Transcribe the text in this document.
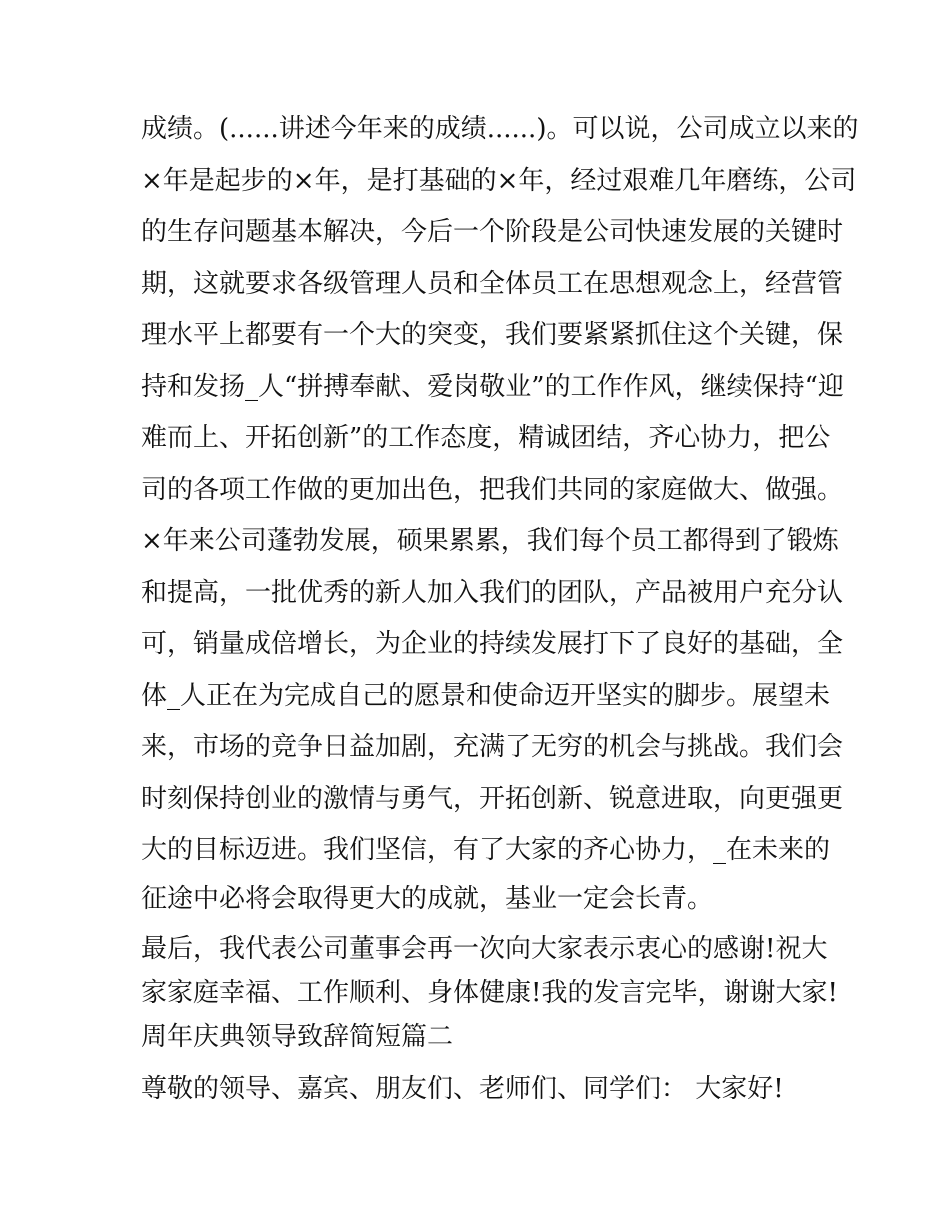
成绩。(......讲述今年来的成绩......)。可以说，公司成立以来的
×年是起步的×年，是打基础的×年，经过艰难几年磨练，公司
的生存问题基本解决，今后一个阶段是公司快速发展的关键时
期，这就要求各级管理人员和全体员工在思想观念上，经营管
理水平上都要有一个大的突变，我们要紧紧抓住这个关键，保
持和发扬_人“拼搏奉献、爱岗敬业”的工作作风，继续保持“迎
难而上、开拓创新”的工作态度，精诚团结，齐心协力，把公
司的各项工作做的更加出色，把我们共同的家庭做大、做强。
×年来公司蓬勃发展，硕果累累，我们每个员工都得到了锻炼
和提高，一批优秀的新人加入我们的团队，产品被用户充分认
可，销量成倍增长，为企业的持续发展打下了良好的基础，全
体_人正在为完成自己的愿景和使命迈开坚实的脚步。展望未
来，市场的竞争日益加剧，充满了无穷的机会与挑战。我们会
时刻保持创业的激情与勇气，开拓创新、锐意进取，向更强更
大的目标迈进。我们坚信，有了大家的齐心协力，_在未来的
征途中必将会取得更大的成就，基业一定会长青。
最后，我代表公司董事会再一次向大家表示衷心的感谢!祝大
家家庭幸福、工作顺利、身体健康!我的发言完毕，谢谢大家!
周年庆典领导致辞简短篇二
尊敬的领导、嘉宾、朋友们、老师们、同学们： 大家好!
